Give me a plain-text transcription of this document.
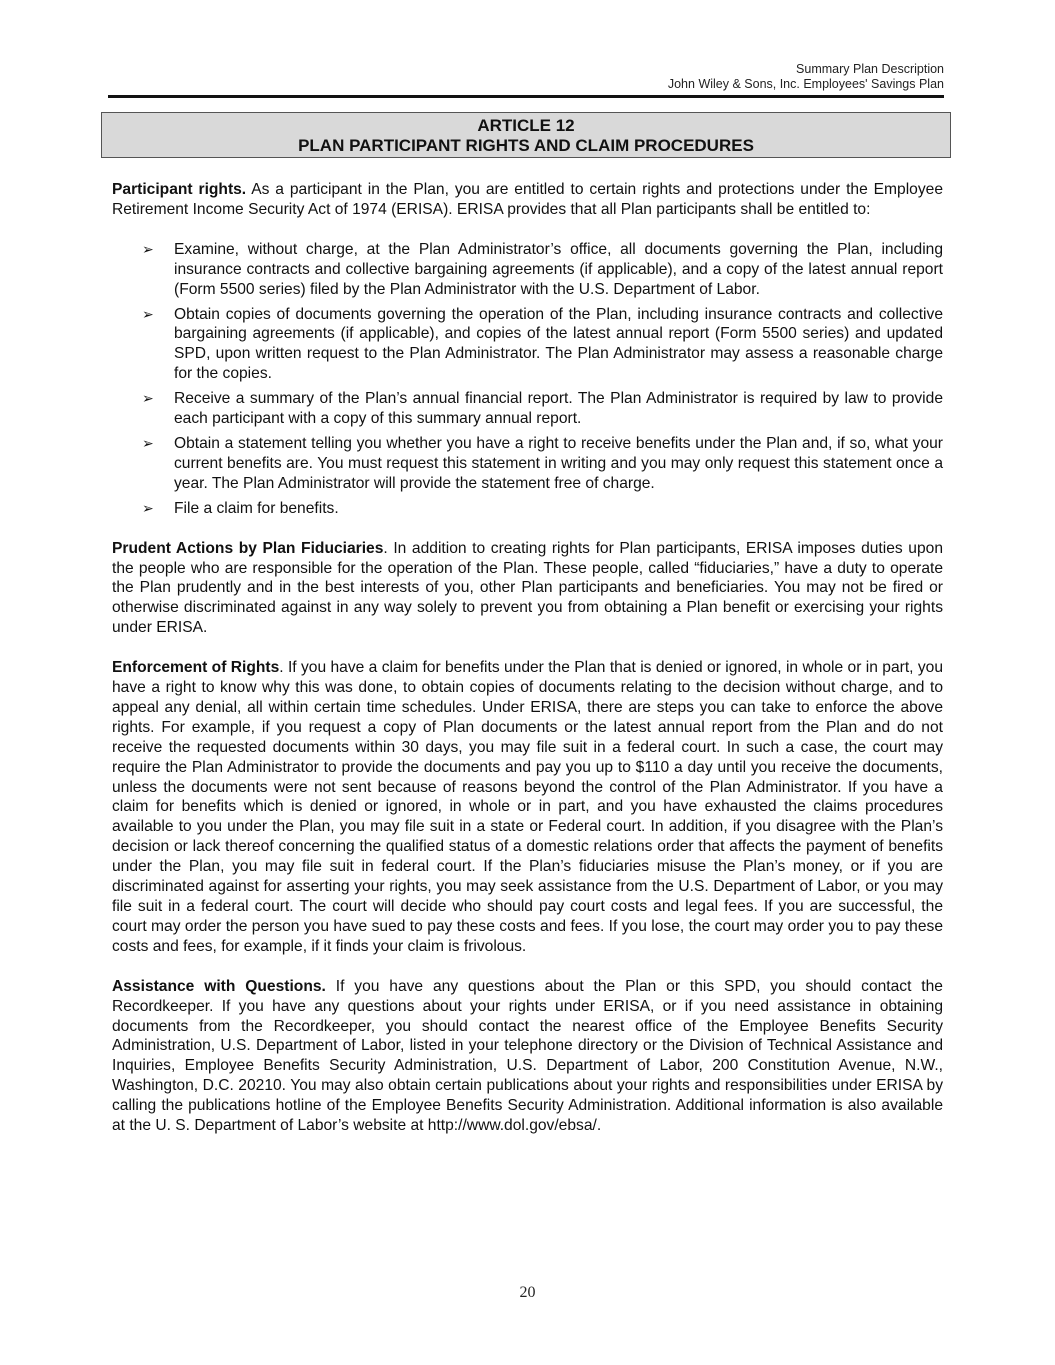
Summary Plan Description
John Wiley & Sons, Inc. Employees' Savings Plan
ARTICLE 12
PLAN PARTICIPANT RIGHTS AND CLAIM PROCEDURES

Participant rights. As a participant in the Plan, you are entitled to certain rights and protections under the Employee Retirement Income Security Act of 1974 (ERISA). ERISA provides that all Plan participants shall be entitled to:

➢ Examine, without charge, at the Plan Administrator’s office, all documents governing the Plan, including insurance contracts and collective bargaining agreements (if applicable), and a copy of the latest annual report (Form 5500 series) filed by the Plan Administrator with the U.S. Department of Labor.
➢ Obtain copies of documents governing the operation of the Plan, including insurance contracts and collective bargaining agreements (if applicable), and copies of the latest annual report (Form 5500 series) and updated SPD, upon written request to the Plan Administrator. The Plan Administrator may assess a reasonable charge for the copies.
➢ Receive a summary of the Plan’s annual financial report. The Plan Administrator is required by law to provide each participant with a copy of this summary annual report.
➢ Obtain a statement telling you whether you have a right to receive benefits under the Plan and, if so, what your current benefits are. You must request this statement in writing and you may only request this statement once a year. The Plan Administrator will provide the statement free of charge.
➢ File a claim for benefits.

Prudent Actions by Plan Fiduciaries. In addition to creating rights for Plan participants, ERISA imposes duties upon the people who are responsible for the operation of the Plan. These people, called “fiduciaries,” have a duty to operate the Plan prudently and in the best interests of you, other Plan participants and beneficiaries. You may not be fired or otherwise discriminated against in any way solely to prevent you from obtaining a Plan benefit or exercising your rights under ERISA.

Enforcement of Rights. If you have a claim for benefits under the Plan that is denied or ignored, in whole or in part, you have a right to know why this was done, to obtain copies of documents relating to the decision without charge, and to appeal any denial, all within certain time schedules. Under ERISA, there are steps you can take to enforce the above rights. For example, if you request a copy of Plan documents or the latest annual report from the Plan and do not receive the requested documents within 30 days, you may file suit in a federal court. In such a case, the court may require the Plan Administrator to provide the documents and pay you up to $110 a day until you receive the documents, unless the documents were not sent because of reasons beyond the control of the Plan Administrator. If you have a claim for benefits which is denied or ignored, in whole or in part, and you have exhausted the claims procedures available to you under the Plan, you may file suit in a state or Federal court. In addition, if you disagree with the Plan’s decision or lack thereof concerning the qualified status of a domestic relations order that affects the payment of benefits under the Plan, you may file suit in federal court. If the Plan’s fiduciaries misuse the Plan’s money, or if you are discriminated against for asserting your rights, you may seek assistance from the U.S. Department of Labor, or you may file suit in a federal court. The court will decide who should pay court costs and legal fees. If you are successful, the court may order the person you have sued to pay these costs and fees. If you lose, the court may order you to pay these costs and fees, for example, if it finds your claim is frivolous.

Assistance with Questions. If you have any questions about the Plan or this SPD, you should contact the Recordkeeper. If you have any questions about your rights under ERISA, or if you need assistance in obtaining documents from the Recordkeeper, you should contact the nearest office of the Employee Benefits Security Administration, U.S. Department of Labor, listed in your telephone directory or the Division of Technical Assistance and Inquiries, Employee Benefits Security Administration, U.S. Department of Labor, 200 Constitution Avenue, N.W., Washington, D.C. 20210. You may also obtain certain publications about your rights and responsibilities under ERISA by calling the publications hotline of the Employee Benefits Security Administration. Additional information is also available at the U. S. Department of Labor’s website at http://www.dol.gov/ebsa/.

20
